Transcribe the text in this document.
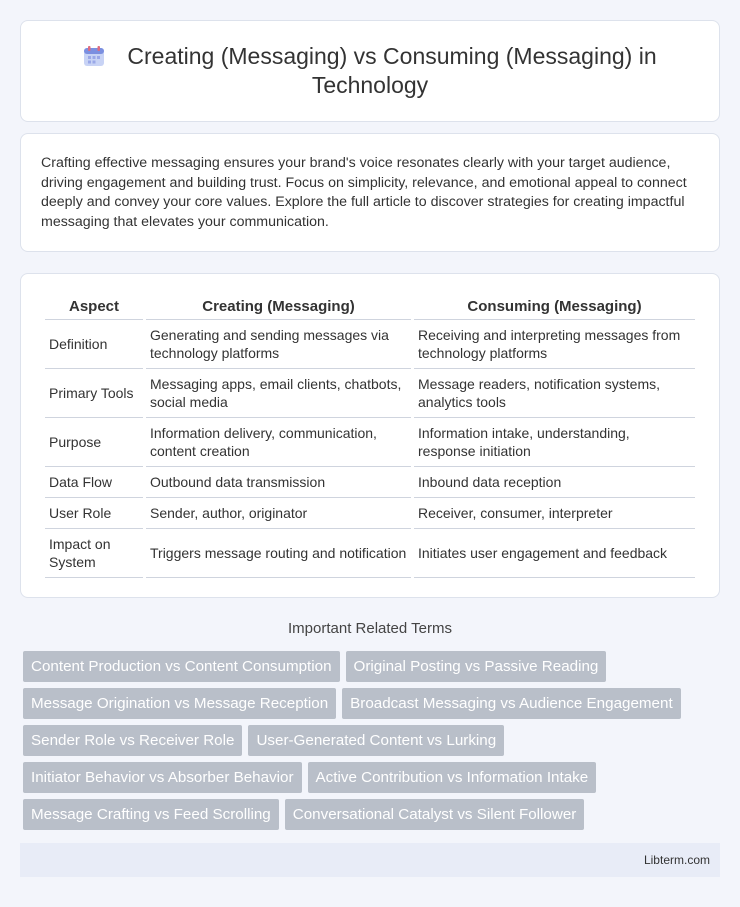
Creating (Messaging) vs Consuming (Messaging) in Technology

Crafting effective messaging ensures your brand's voice resonates clearly with your target audience, driving engagement and building trust. Focus on simplicity, relevance, and emotional appeal to connect deeply and convey your core values. Explore the full article to discover strategies for creating impactful messaging that elevates your communication.

Aspect	Creating (Messaging)	Consuming (Messaging)
Definition	Generating and sending messages via technology platforms	Receiving and interpreting messages from technology platforms
Primary Tools	Messaging apps, email clients, chatbots, social media	Message readers, notification systems, analytics tools
Purpose	Information delivery, communication, content creation	Information intake, understanding, response initiation
Data Flow	Outbound data transmission	Inbound data reception
User Role	Sender, author, originator	Receiver, consumer, interpreter
Impact on System	Triggers message routing and notification	Initiates user engagement and feedback
Important Related Terms
Content Production vs Content Consumption	Original Posting vs Passive Reading
Message Origination vs Message Reception	Broadcast Messaging vs Audience Engagement
Sender Role vs Receiver Role	User-Generated Content vs Lurking
Initiator Behavior vs Absorber Behavior	Active Contribution vs Information Intake
Message Crafting vs Feed Scrolling	Conversational Catalyst vs Silent Follower
Libterm.com
